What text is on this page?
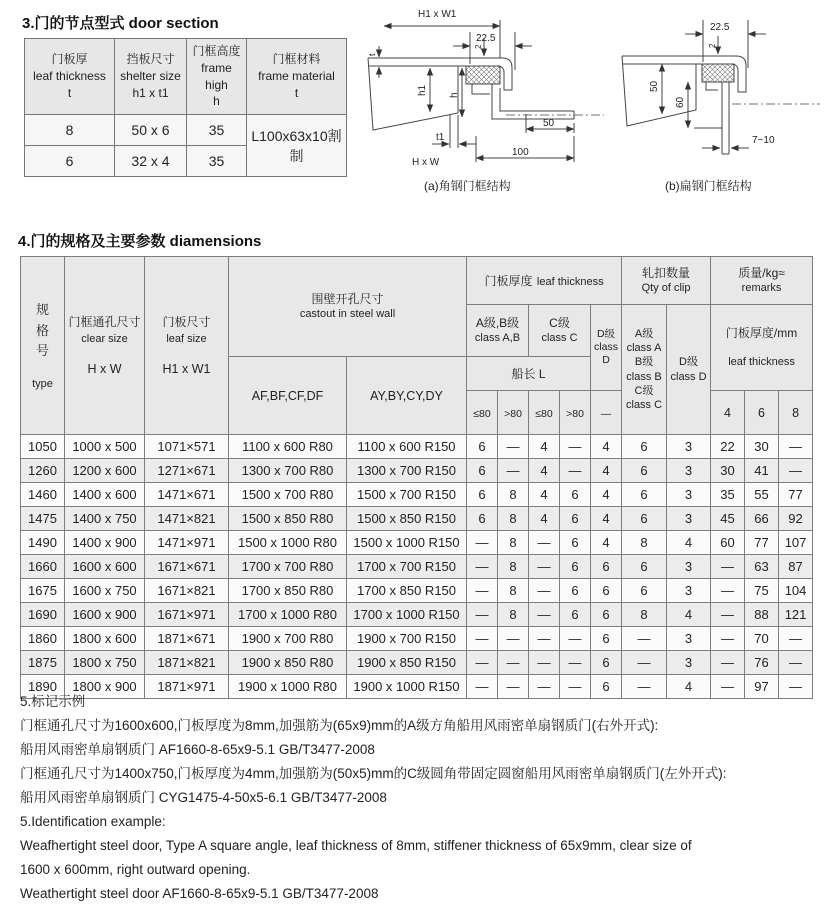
3.门的节点型式 door section
门板厚
leaf thickness
t

挡板尺寸
shelter size
h1 x t1

门框高度
frame high
h

门框材料
frame material
t

8	50 x 6	35	L100x63x10割制
6	32 x 4	35	
H1 x W1
22.5
t
h1 h
2
t1
H x W
50
100
(a)角钢门框结构
22.5
2
50
60
7~10
(b)扁钢门框结构
4.门的规格及主要参数 diamensions
规
格
号
type

门框通孔尺寸
clear size
H x W

门板尺寸
leaf size
H1 x W1

围壁开孔尺寸
castout in steel wall
	门板厚度 leaf thickness	
轧扣数量
Qty of clip

质量/kg≈
remarks

A级,B级
class A,B

C级
class C	D级
class D

A级
class A
B级
class B
C级
class C

D级
class D

门板厚度/mm
leaf thickness

			AF,BF,CF,DF	AY,BY,CY,DY	船长 L									
					≤80	>80	≤80	>80	—			4	6	8
1050	1000 x 500	1071×571	1100 x 600 R80	1100 x 600 R150	6	—	4	—	4	6	3	22	30	—
1260	1200 x 600	1271×671	1300 x 700 R80	1300 x 700 R150	6	—	4	—	4	6	3	30	41	—
1460	1400 x 600	1471×671	1500 x 700 R80	1500 x 700 R150	6	8	4	6	4	6	3	35	55	77
1475	1400 x 750	1471×821	1500 x 850 R80	1500 x 850 R150	6	8	4	6	4	6	3	45	66	92
1490	1400 x 900	1471×971	1500 x 1000 R80	1500 x 1000 R150	—	8	—	6	4	8	4	60	77	107
1660	1600 x 600	1671×671	1700 x 700 R80	1700 x 700 R150	—	8	—	6	6	6	3	—	63	87
1675	1600 x 750	1671×821	1700 x 850 R80	1700 x 850 R150	—	8	—	6	6	6	3	—	75	104
1690	1600 x 900	1671×971	1700 x 1000 R80	1700 x 1000 R150	—	8	—	6	6	8	4	—	88	121
1860	1800 x 600	1871×671	1900 x 700 R80	1900 x 700 R150	—	—	—	—	6	—	3	—	70	—
1875	1800 x 750	1871×821	1900 x 850 R80	1900 x 850 R150	—	—	—	—	6	—	3	—	76	—
1890	1800 x 900	1871×971	1900 x 1000 R80	1900 x 1000 R150	—	—	—	—	6	—	4	—	97	—
5.标记示例
门框通孔尺寸为1600x600,门板厚度为8mm,加强筋为(65x9)mm的A级方角船用风雨密单扇钢质门(右外开式):
船用风雨密单扇钢质门 AF1660-8-65x9-5.1 GB/T3477-2008
门框通孔尺寸为1400x750,门板厚度为4mm,加强筋为(50x5)mm的C级圆角带固定圆窗船用风雨密单扇钢质门(左外开式):
船用风雨密单扇钢质门 CYG1475-4-50x5-6.1 GB/T3477-2008
5.Identification example:
Weafhertight steel door, Type A square angle, leaf thickness of 8mm, stiffener thickness of 65x9mm, clear size of
1600 x 600mm, right outward opening.
Weathertight steel door AF1660-8-65x9-5.1 GB/T3477-2008
